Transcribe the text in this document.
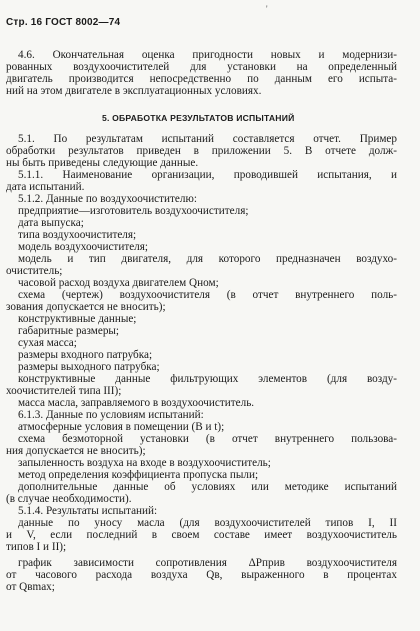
Стр. 16 ГОСТ 8002—74
'
4.6. Окончательная оценка пригодности новых и модернизи-
рованных воздухоочистителей для установки на определенный
двигатель производится непосредственно по данным его испыта-
ний на этом двигателе в эксплуатационных условиях.
5. ОБРАБОТКА РЕЗУЛЬТАТОВ ИСПЫТАНИЙ
5.1. По результатам испытаний составляется отчет. Пример
обработки результатов приведен в приложении 5. В отчете долж-
ны быть приведены следующие данные.
5.1.1. Наименование организации, проводившей испытания, и
дата испытаний.
5.1.2. Данные по воздухоочистителю:
предприятие—изготовитель воздухоочистителя;
дата выпуска;
типа воздухоочистителя;
модель воздухоочистителя;
модель и тип двигателя, для которого предназначен воздухо-
очиститель;
часовой расход воздуха двигателем Qном;
схема (чертеж) воздухоочистителя (в отчет внутреннего поль-
зования допускается не вносить);
конструктивные данные;
габаритные размеры;
сухая масса;
размеры входного патрубка;
размеры выходного патрубка;
конструктивные данные фильтрующих элементов (для возду-
хоочистителей типа III);
масса масла, заправляемого в воздухоочиститель.
6.1.3. Данные по условиям испытаний:
атмосферные условия в помещении (В и t);
схема безмоторной установки (в отчет внутреннего пользова-
ния допускается не вносить);
запыленность воздуха на входе в воздухоочиститель;
метод определения коэффициента пропуска пыли;
дополнительные данные об условиях или методике испытаний
(в случае необходимости).
5.1.4. Результаты испытаний:
данные по уносу масла (для воздухоочистителей типов I, II
и V, если последний в своем составе имеет воздухоочиститель
типов I и II);
график зависимости сопротивления ΔPприв воздухоочистителя
от часового расхода воздуха Qв, выраженного в процентах
от Qвmax;
